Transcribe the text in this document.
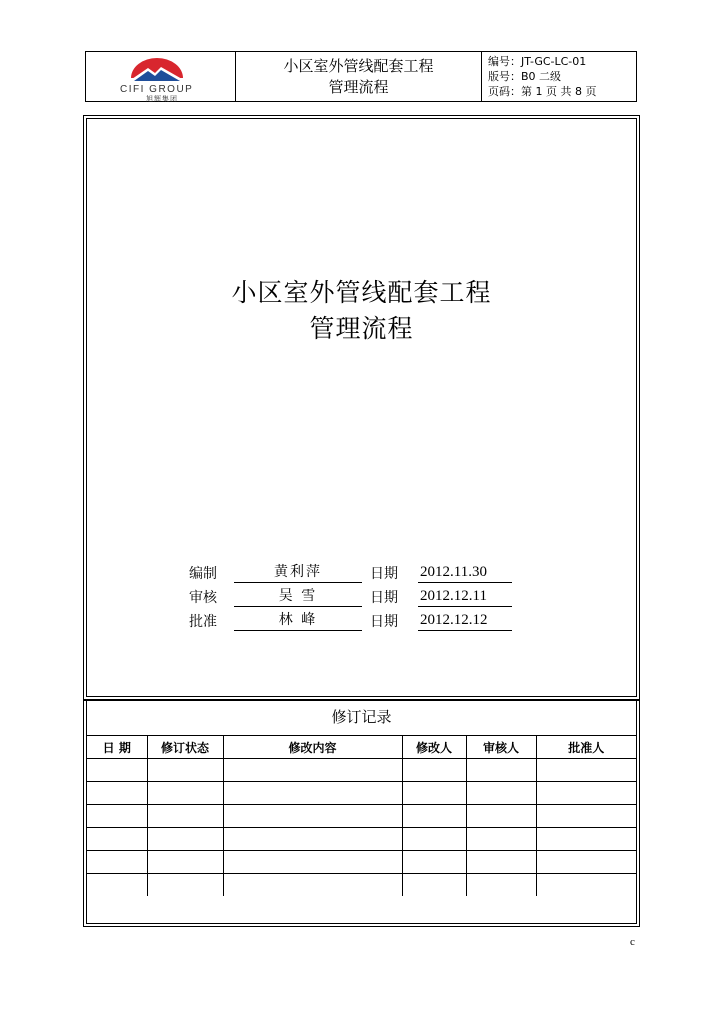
CIFI GROUP
旭辉集团
小区室外管线配套工程
管理流程
编号：JT-GC-LC-01
版号：B0 二级
页码：第 1 页 共 8 页
小区室外管线配套工程
管理流程
编制	黄利萍	日期	2012.11.30
审核	吴 雪	日期	2012.12.11
批准	林 峰	日期	2012.12.12
修订记录
日 期	修订状态	修改内容	修改人	审核人	批准人

c
